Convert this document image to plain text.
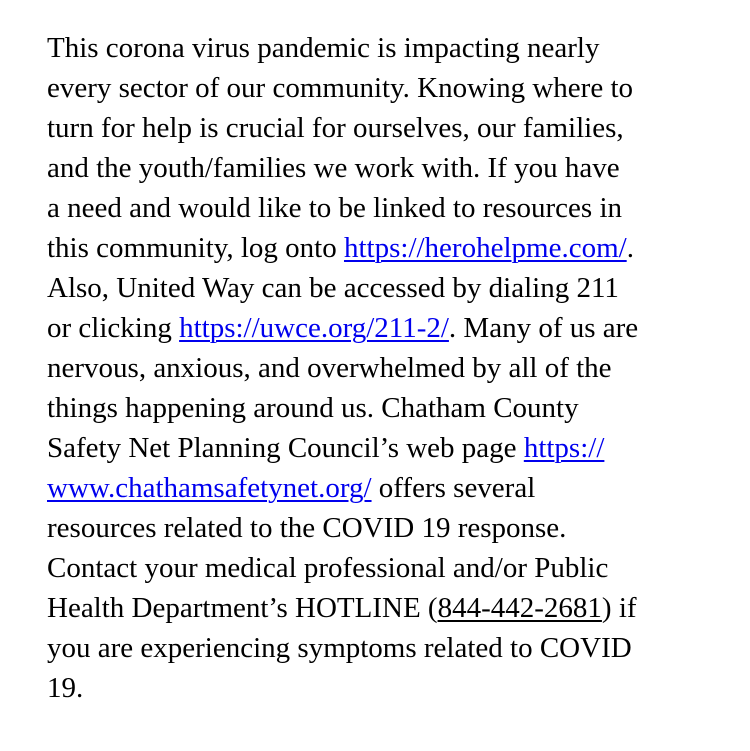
This corona virus pandemic is impacting nearly
every sector of our community. Knowing where to
turn for help is crucial for ourselves, our families,
and the youth/families we work with. If you have
a need and would like to be linked to resources in
this community, log onto https://herohelpme.com/.
Also, United Way can be accessed by dialing 211
or clicking https://uwce.org/211-2/. Many of us are
nervous, anxious, and overwhelmed by all of the
things happening around us. Chatham County
Safety Net Planning Council’s web page https://
www.chathamsafetynet.org/ offers several
resources related to the COVID 19 response.
Contact your medical professional and/or Public
Health Department’s HOTLINE (844-442-2681) if
you are experiencing symptoms related to COVID
19.
